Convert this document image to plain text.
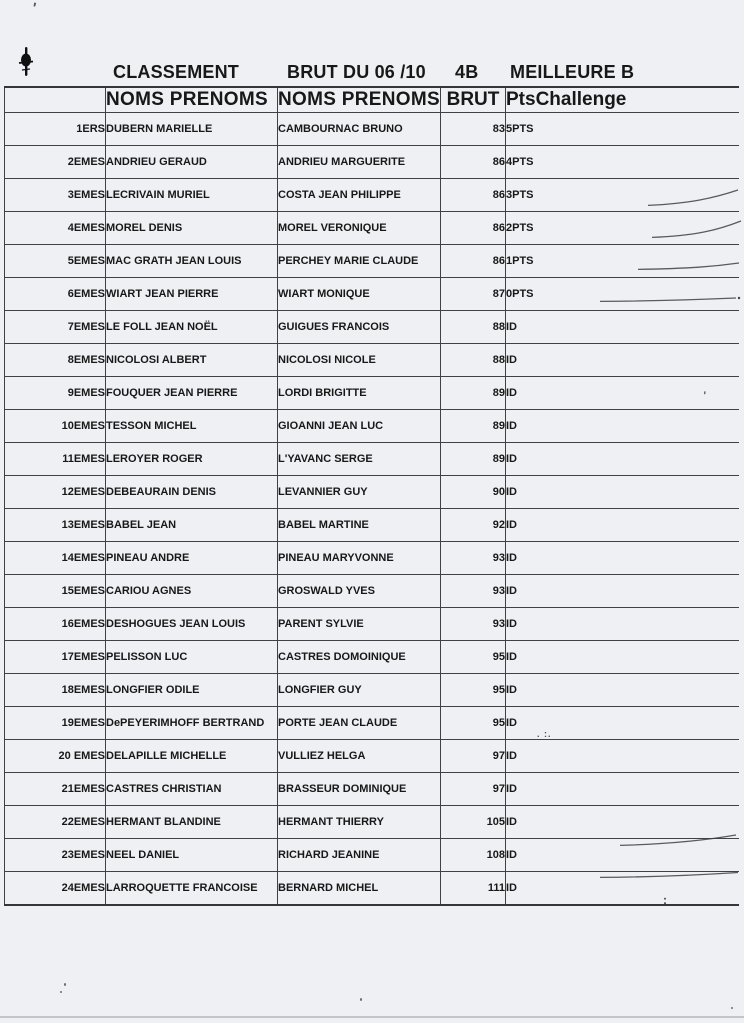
CLASSEMENT	BRUT DU 06 /10 4B MEILLEURE B
	NOMS PRENOMS	NOMS PRENOMS	BRUT	PtsChallenge
1ERS	DUBERN MARIELLE	CAMBOURNAC BRUNO	83	5PTS
2EMES	ANDRIEU GERAUD	ANDRIEU MARGUERITE	86	4PTS
3EMES	LECRIVAIN MURIEL	COSTA JEAN PHILIPPE	86	3PTS
4EMES	MOREL DENIS	MOREL VERONIQUE	86	2PTS
5EMES	MAC GRATH JEAN LOUIS	PERCHEY MARIE CLAUDE	86	1PTS
6EMES	WIART JEAN PIERRE	WIART MONIQUE	87	0PTS
7EMES	LE FOLL JEAN NOËL	GUIGUES FRANCOIS	88	ID
8EMES	NICOLOSI ALBERT	NICOLOSI NICOLE	88	ID
9EMES	FOUQUER JEAN PIERRE	LORDI BRIGITTE	89	ID
10EMES	TESSON MICHEL	GIOANNI JEAN LUC	89	ID
11EMES	LEROYER ROGER	L'YAVANC SERGE	89	ID
12EMES	DEBEAURAIN DENIS	LEVANNIER GUY	90	ID
13EMES	BABEL JEAN	BABEL MARTINE	92	ID
14EMES	PINEAU ANDRE	PINEAU MARYVONNE	93	ID
15EMES	CARIOU AGNES	GROSWALD YVES	93	ID
16EMES	DESHOGUES JEAN LOUIS	PARENT SYLVIE	93	ID
17EMES	PELISSON LUC	CASTRES DOMOINIQUE	95	ID
18EMES	LONGFIER ODILE	LONGFIER GUY	95	ID
19EMES	DePEYERIMHOFF BERTRAND	PORTE JEAN CLAUDE	95	ID
20 EMES	DELAPILLE MICHELLE	VULLIEZ HELGA	97	ID
21EMES	CASTRES CHRISTIAN	BRASSEUR DOMINIQUE	97	ID
22EMES	HERMANT BLANDINE	HERMANT THIERRY	105	ID
23EMES	NEEL DANIEL	RICHARD JEANINE	108	ID
24EMES	LARROQUETTE FRANCOISE	BERNARD MICHEL	111	ID
'
. :.
:
'
